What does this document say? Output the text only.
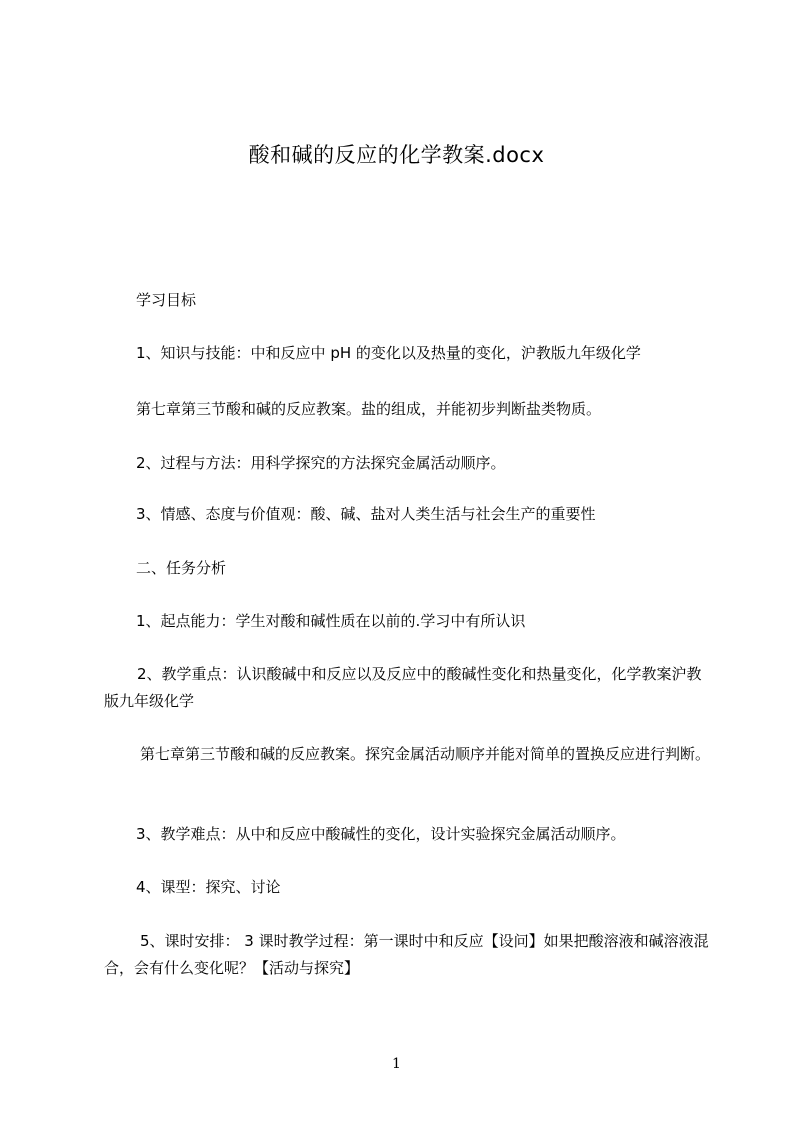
酸和碱的反应的化学教案.docx
学习目标
1、知识与技能：中和反应中 pH 的变化以及热量的变化，沪教版九年级化学
第七章第三节酸和碱的反应教案。盐的组成，并能初步判断盐类物质。
2、过程与方法：用科学探究的方法探究金属活动顺序。
3、情感、态度与价值观：酸、碱、盐对人类生活与社会生产的重要性
二、任务分析
1、起点能力：学生对酸和碱性质在以前的.学习中有所认识
2、教学重点：认识酸碱中和反应以及反应中的酸碱性变化和热量变化，化学教案沪教版九年级化学
第七章第三节酸和碱的反应教案。探究金属活动顺序并能对简单的置换反应进行判断。
3、教学难点：从中和反应中酸碱性的变化，设计实验探究金属活动顺序。
4、课型：探究、讨论
5、课时安排： 3 课时教学过程：第一课时中和反应【设问】如果把酸溶液和碱溶液混合，会有什么变化呢？【活动与探究】
1
